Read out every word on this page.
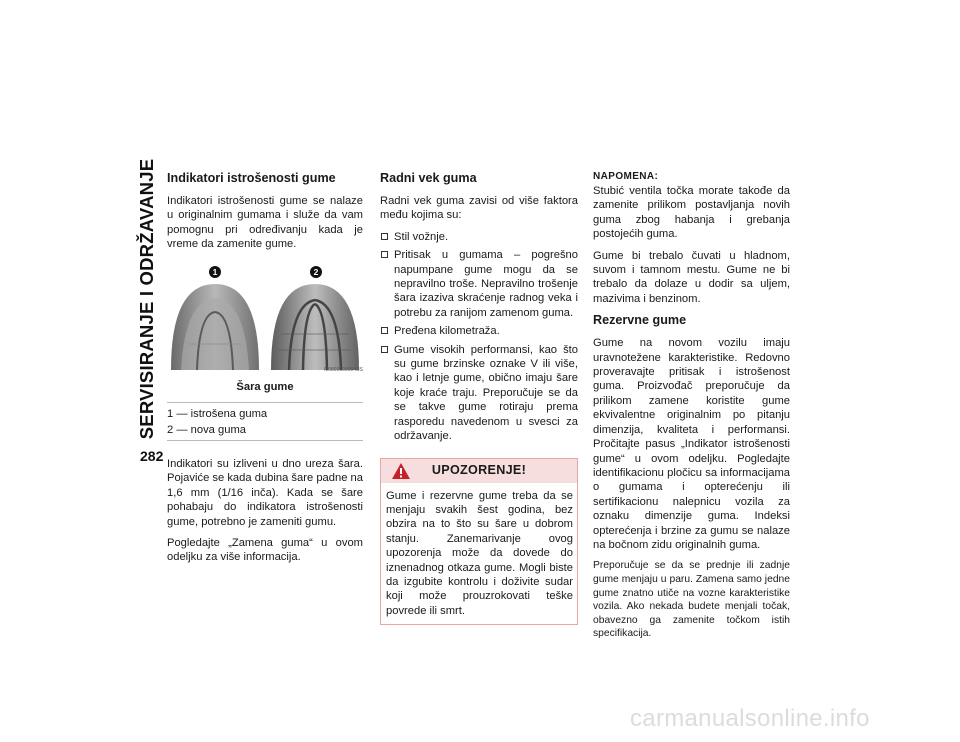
SERVISIRANJE I ODRŽAVANJE
282
Indikatori istrošenosti gume

Indikatori istrošenosti gume se nalaze u originalnim gumama i služe da vam pomognu pri određivanju kada je vreme da zamenite gume.

1	2
M0800000004US
Šara gume
1 — istrošena guma
2 — nova guma

Indikatori su izliveni u dno ureza šara. Pojaviće se kada dubina šare padne na 1,6 mm (1/16 inča). Kada se šare pohabaju do indikatora istrošenosti gume, potrebno je zameniti gumu.

Pogledajte „Zamena guma“ u ovom odeljku za više informacija.

Radni vek guma

Radni vek guma zavisi od više faktora među kojima su:

Stil vožnje.
Pritisak u gumama – pogrešno napumpane gume mogu da se nepravilno troše. Nepravilno trošenje šara izaziva skraćenje radnog veka i potrebu za ranijom zamenom guma.
Pređena kilometraža.
Gume visokih performansi, kao što su gume brzinske oznake V ili više, kao i letnje gume, obično imaju šare koje kraće traju. Preporučuje se da se takve gume rotiraju prema rasporedu navedenom u svesci za održavanje.
UPOZORENJE!

Gume i rezervne gume treba da se menjaju svakih šest godina, bez obzira na to što su šare u dobrom stanju. Zanemarivanje ovog upozorenja može da dovede do iznenadnog otkaza gume. Mogli biste da izgubite kontrolu i doživite sudar koji može prouzrokovati teške povrede ili smrt.

NAPOMENA:

Stubić ventila točka morate takođe da zamenite prilikom postavljanja novih guma zbog habanja i grebanja postojećih guma.

Gume bi trebalo čuvati u hladnom, suvom i tamnom mestu. Gume ne bi trebalo da dolaze u dodir sa uljem, mazivima i benzinom.

Rezervne gume

Gume na novom vozilu imaju uravnotežene karakteristike. Redovno proveravajte pritisak i istrošenost guma. Proizvođač preporučuje da prilikom zamene koristite gume ekvivalentne originalnim po pitanju dimenzija, kvaliteta i performansi. Pročitajte pasus „Indikator istrošenosti gume“ u ovom odeljku. Pogledajte identifikacionu pločicu sa informacijama o gumama i opterećenju ili sertifikacionu nalepnicu vozila za oznaku dimenzije guma. Indeksi opterećenja i brzine za gumu se nalaze na bočnom zidu originalnih guma.

Preporučuje se da se prednje ili zadnje gume menjaju u paru. Zamena samo jedne gume znatno utiče na vozne karakteristike vozila. Ako nekada budete menjali točak, obavezno ga zamenite točkom istih specifikacija.

carmanualsonline.info
